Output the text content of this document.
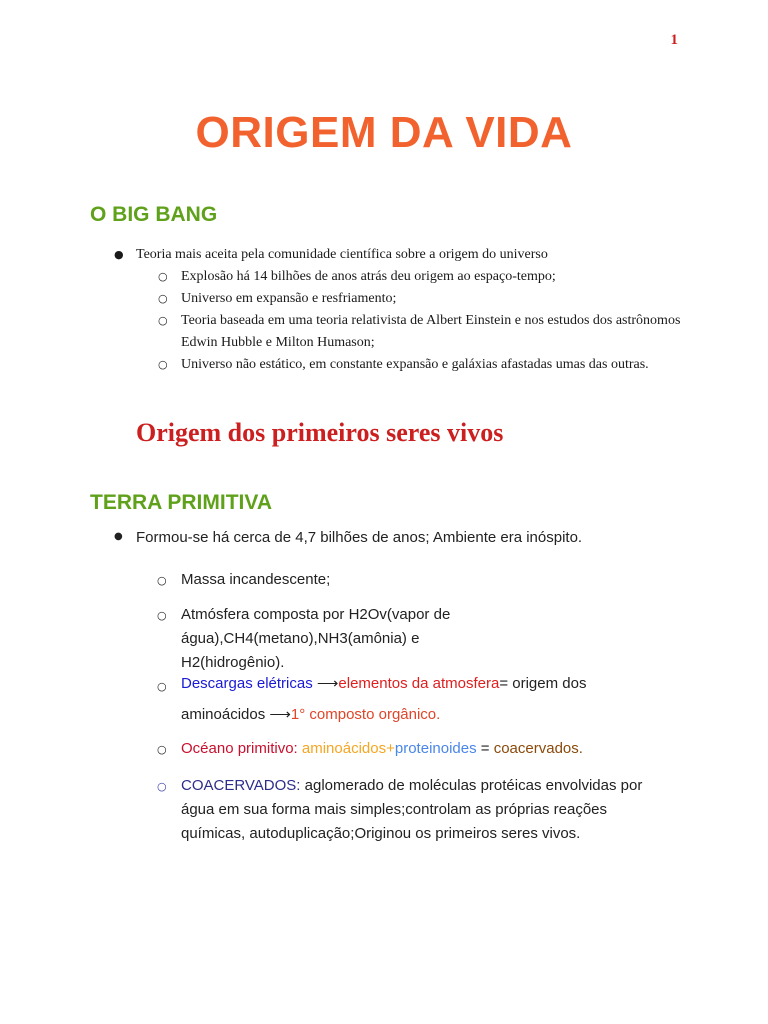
1
ORIGEM DA VIDA
O BIG BANG
● Teoria mais aceita pela comunidade científica sobre a origem do universo
○ Explosão há 14 bilhões de anos atrás deu origem ao espaço-tempo;
○ Universo em expansão e resfriamento;
○ Teoria baseada em uma teoria relativista de Albert Einstein e nos estudos dos astrônomos Edwin Hubble e Milton Humason;
○ Universo não estático, em constante expansão e galáxias afastadas umas das outras.
Origem dos primeiros seres vivos
TERRA PRIMITIVA
● Formou-se há cerca de 4,7 bilhões de anos; Ambiente era inóspito.
○ Massa incandescente;
○ Atmósfera composta por H2Ov(vapor de água),CH4(metano),NH3(amônia) e H2(hidrogênio).
○ Descargas elétricas ⟶elementos da atmosfera= origem dos aminoácidos ⟶1° composto orgânico.
○ Océano primitivo: aminoácidos+proteinoides = coacervados.
○ COACERVADOS: aglomerado de moléculas protéicas envolvidas por água em sua forma mais simples;controlam as próprias reações químicas, autoduplicação;Originou os primeiros seres vivos.
